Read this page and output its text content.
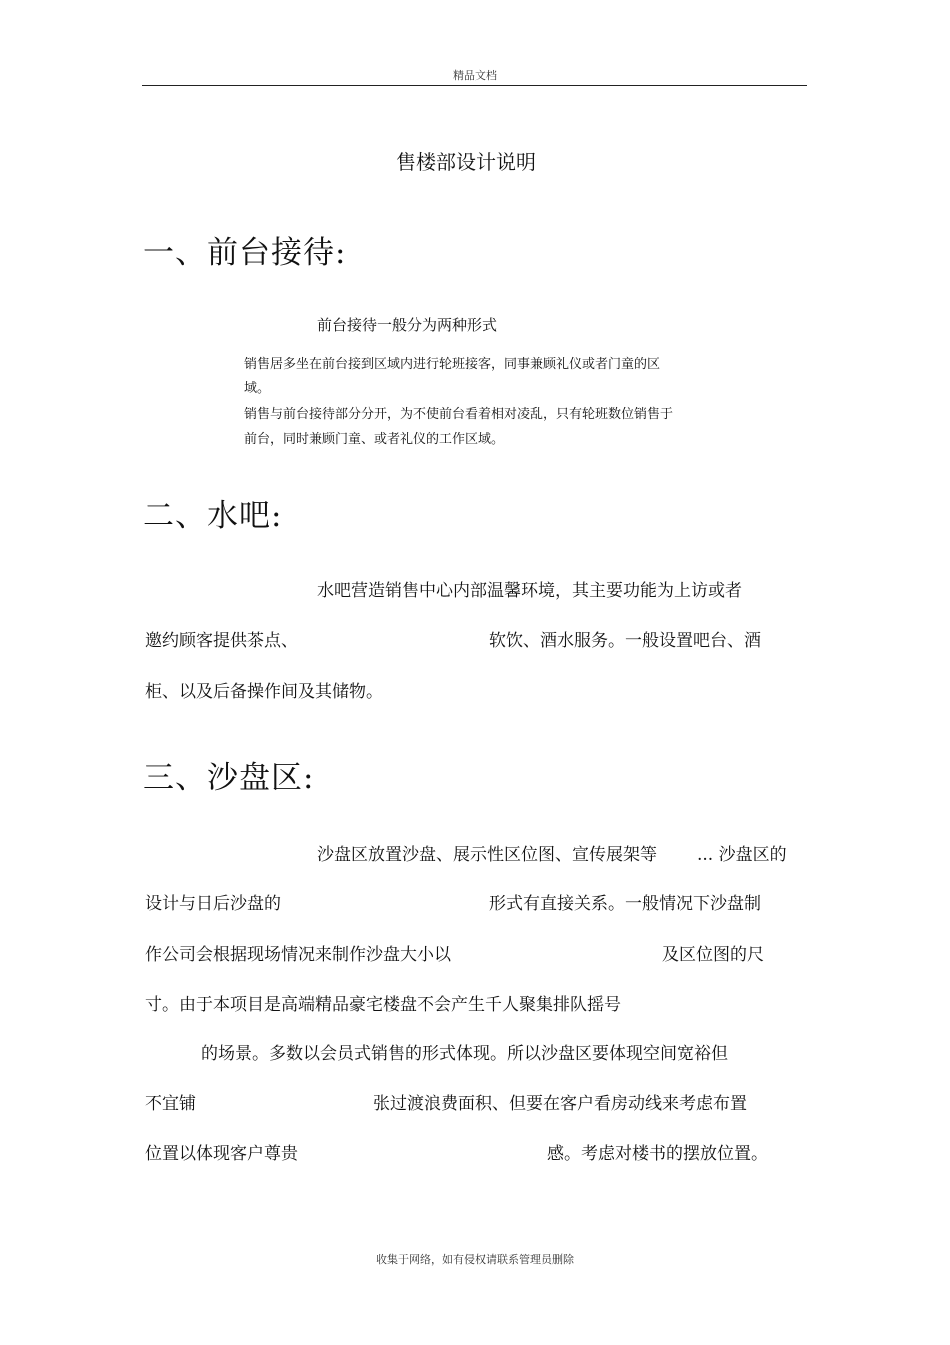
精品文档
售楼部设计说明
一、前台接待:
前台接待一般分为两种形式
销售居多坐在前台接到区域内进行轮班接客，同事兼顾礼仪或者门童的区
域。
销售与前台接待部分分开，为不使前台看着相对凌乱，只有轮班数位销售于
前台，同时兼顾门童、或者礼仪的工作区域。
二、水吧:
水吧营造销售中心内部温馨环境，其主要功能为上访或者
邀约顾客提供茶点、	软饮、酒水服务。一般设置吧台、酒
柜、以及后备操作间及其储物。
三、沙盘区:
沙盘区放置沙盘、展示性区位图、宣传展架等 ... 沙盘区的
设计与日后沙盘的	形式有直接关系。一般情况下沙盘制
作公司会根据现场情况来制作沙盘大小以	及区位图的尺
寸。由于本项目是高端精品豪宅楼盘不会产生千人聚集排队摇号
的场景。多数以会员式销售的形式体现。所以沙盘区要体现空间宽裕但
不宜铺	张过渡浪费面积、但要在客户看房动线来考虑布置
位置以体现客户尊贵	感。考虑对楼书的摆放位置。
收集于网络，如有侵权请联系管理员删除
